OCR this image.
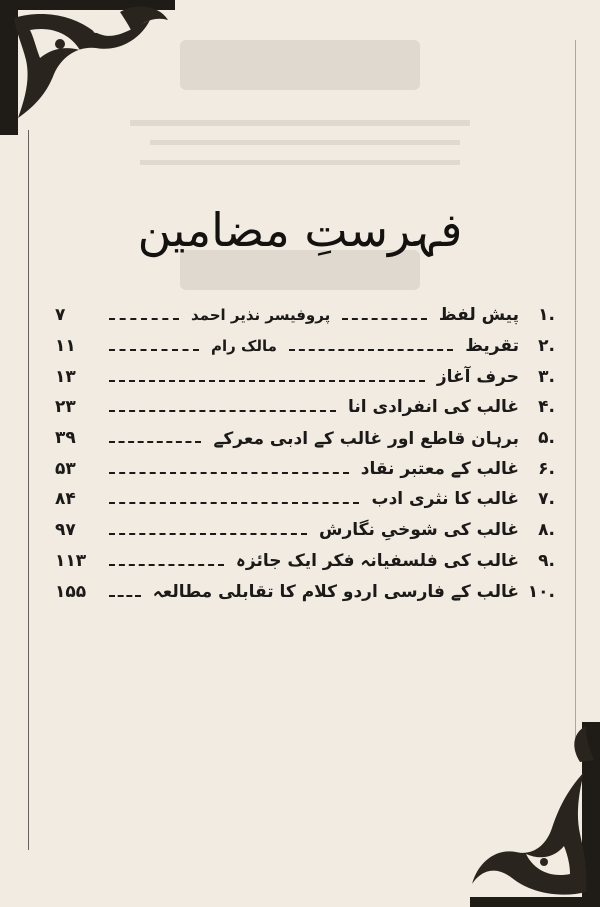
فہرستِ مضامین
۱.
پیش لفظ
پروفیسر نذیر احمد
۷
۲.
تقریظ
مالک رام
۱۱
۳.
حرف آغاز
۱۳
۴.
غالب کی انفرادی انا
۲۳
۵.
برہان قاطع اور غالب کے ادبی معرکے
۳۹
۶.
غالب کے معتبر نقاد
۵۳
۷.
غالب کا نثری ادب
۸۴
۸.
غالب کی شوخیِ نگارش
۹۷
۹.
غالب کی فلسفیانہ فکر ایک جائزہ
۱۱۳
۱۰.
غالب کے فارسی اردو کلام کا تقابلی مطالعہ
۱۵۵
